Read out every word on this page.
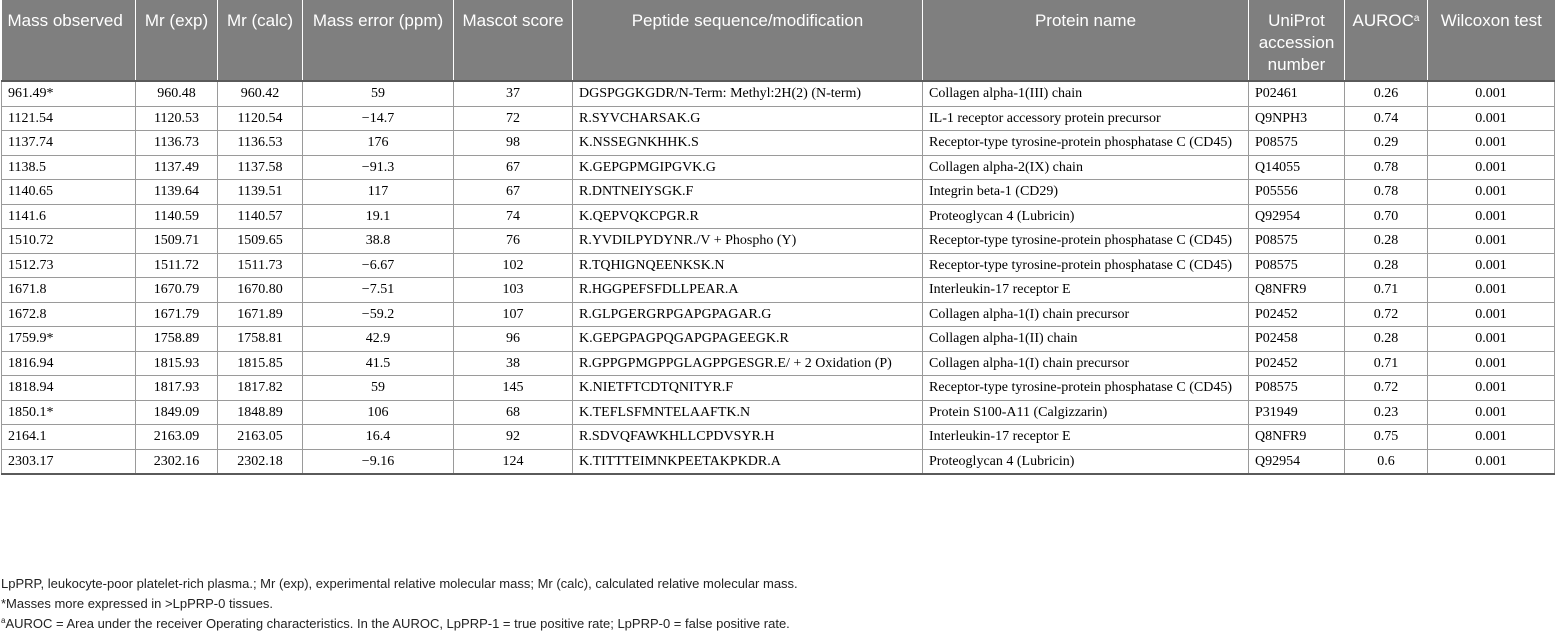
Mass observed	Mr (exp)	Mr (calc)	Mass error (ppm)	Mascot score	Peptide sequence/modification	Protein name	UniProt accession number	AUROC$^a$	Wilcoxon test
961.49*	960.48	960.42	59	37	DGSPGGKGDR/N-Term: Methyl:2H(2) (N-term)	Collagen alpha-1(III) chain	P02461	0.26	0.001
1121.54	1120.53	1120.54	−14.7	72	R.SYVCHARSAK.G	IL-1 receptor accessory protein precursor	Q9NPH3	0.74	0.001
1137.74	1136.73	1136.53	176	98	K.NSSEGNKHHK.S	Receptor-type tyrosine-protein phosphatase C (CD45)	P08575	0.29	0.001
1138.5	1137.49	1137.58	−91.3	67	K.GEPGPMGIPGVK.G	Collagen alpha-2(IX) chain	Q14055	0.78	0.001
1140.65	1139.64	1139.51	117	67	R.DNTNEIYSGK.F	Integrin beta-1 (CD29)	P05556	0.78	0.001
1141.6	1140.59	1140.57	19.1	74	K.QEPVQKCPGR.R	Proteoglycan 4 (Lubricin)	Q92954	0.70	0.001
1510.72	1509.71	1509.65	38.8	76	R.YVDILPYDYNR./V + Phospho (Y)	Receptor-type tyrosine-protein phosphatase C (CD45)	P08575	0.28	0.001
1512.73	1511.72	1511.73	−6.67	102	R.TQHIGNQEENKSK.N	Receptor-type tyrosine-protein phosphatase C (CD45)	P08575	0.28	0.001
1671.8	1670.79	1670.80	−7.51	103	R.HGGPEFSFDLLPEAR.A	Interleukin-17 receptor E	Q8NFR9	0.71	0.001
1672.8	1671.79	1671.89	−59.2	107	R.GLPGERGRPGAPGPAGAR.G	Collagen alpha-1(I) chain precursor	P02452	0.72	0.001
1759.9*	1758.89	1758.81	42.9	96	K.GEPGPAGPQGAPGPAGEEGK.R	Collagen alpha-1(II) chain	P02458	0.28	0.001
1816.94	1815.93	1815.85	41.5	38	R.GPPGPMGPPGLAGPPGESGR.E/ + 2 Oxidation (P)	Collagen alpha-1(I) chain precursor	P02452	0.71	0.001
1818.94	1817.93	1817.82	59	145	K.NIETFTCDTQNITYR.F	Receptor-type tyrosine-protein phosphatase C (CD45)	P08575	0.72	0.001
1850.1*	1849.09	1848.89	106	68	K.TEFLSFMNTELAAFTK.N	Protein S100-A11 (Calgizzarin)	P31949	0.23	0.001
2164.1	2163.09	2163.05	16.4	92	R.SDVQFAWKHLLCPDVSYR.H	Interleukin-17 receptor E	Q8NFR9	0.75	0.001
2303.17	2302.16	2302.18	−9.16	124	K.TITTTEIMNKPEETAKPKDR.A	Proteoglycan 4 (Lubricin)	Q92954	0.6	0.001
LpPRP, leukocyte-poor platelet-rich plasma.; Mr (exp), experimental relative molecular mass; Mr (calc), calculated relative molecular mass.
*Masses more expressed in >LpPRP-0 tissues.
$^a$AUROC = Area under the receiver Operating characteristics. In the AUROC, LpPRP-1 = true positive rate; LpPRP-0 = false positive rate.
